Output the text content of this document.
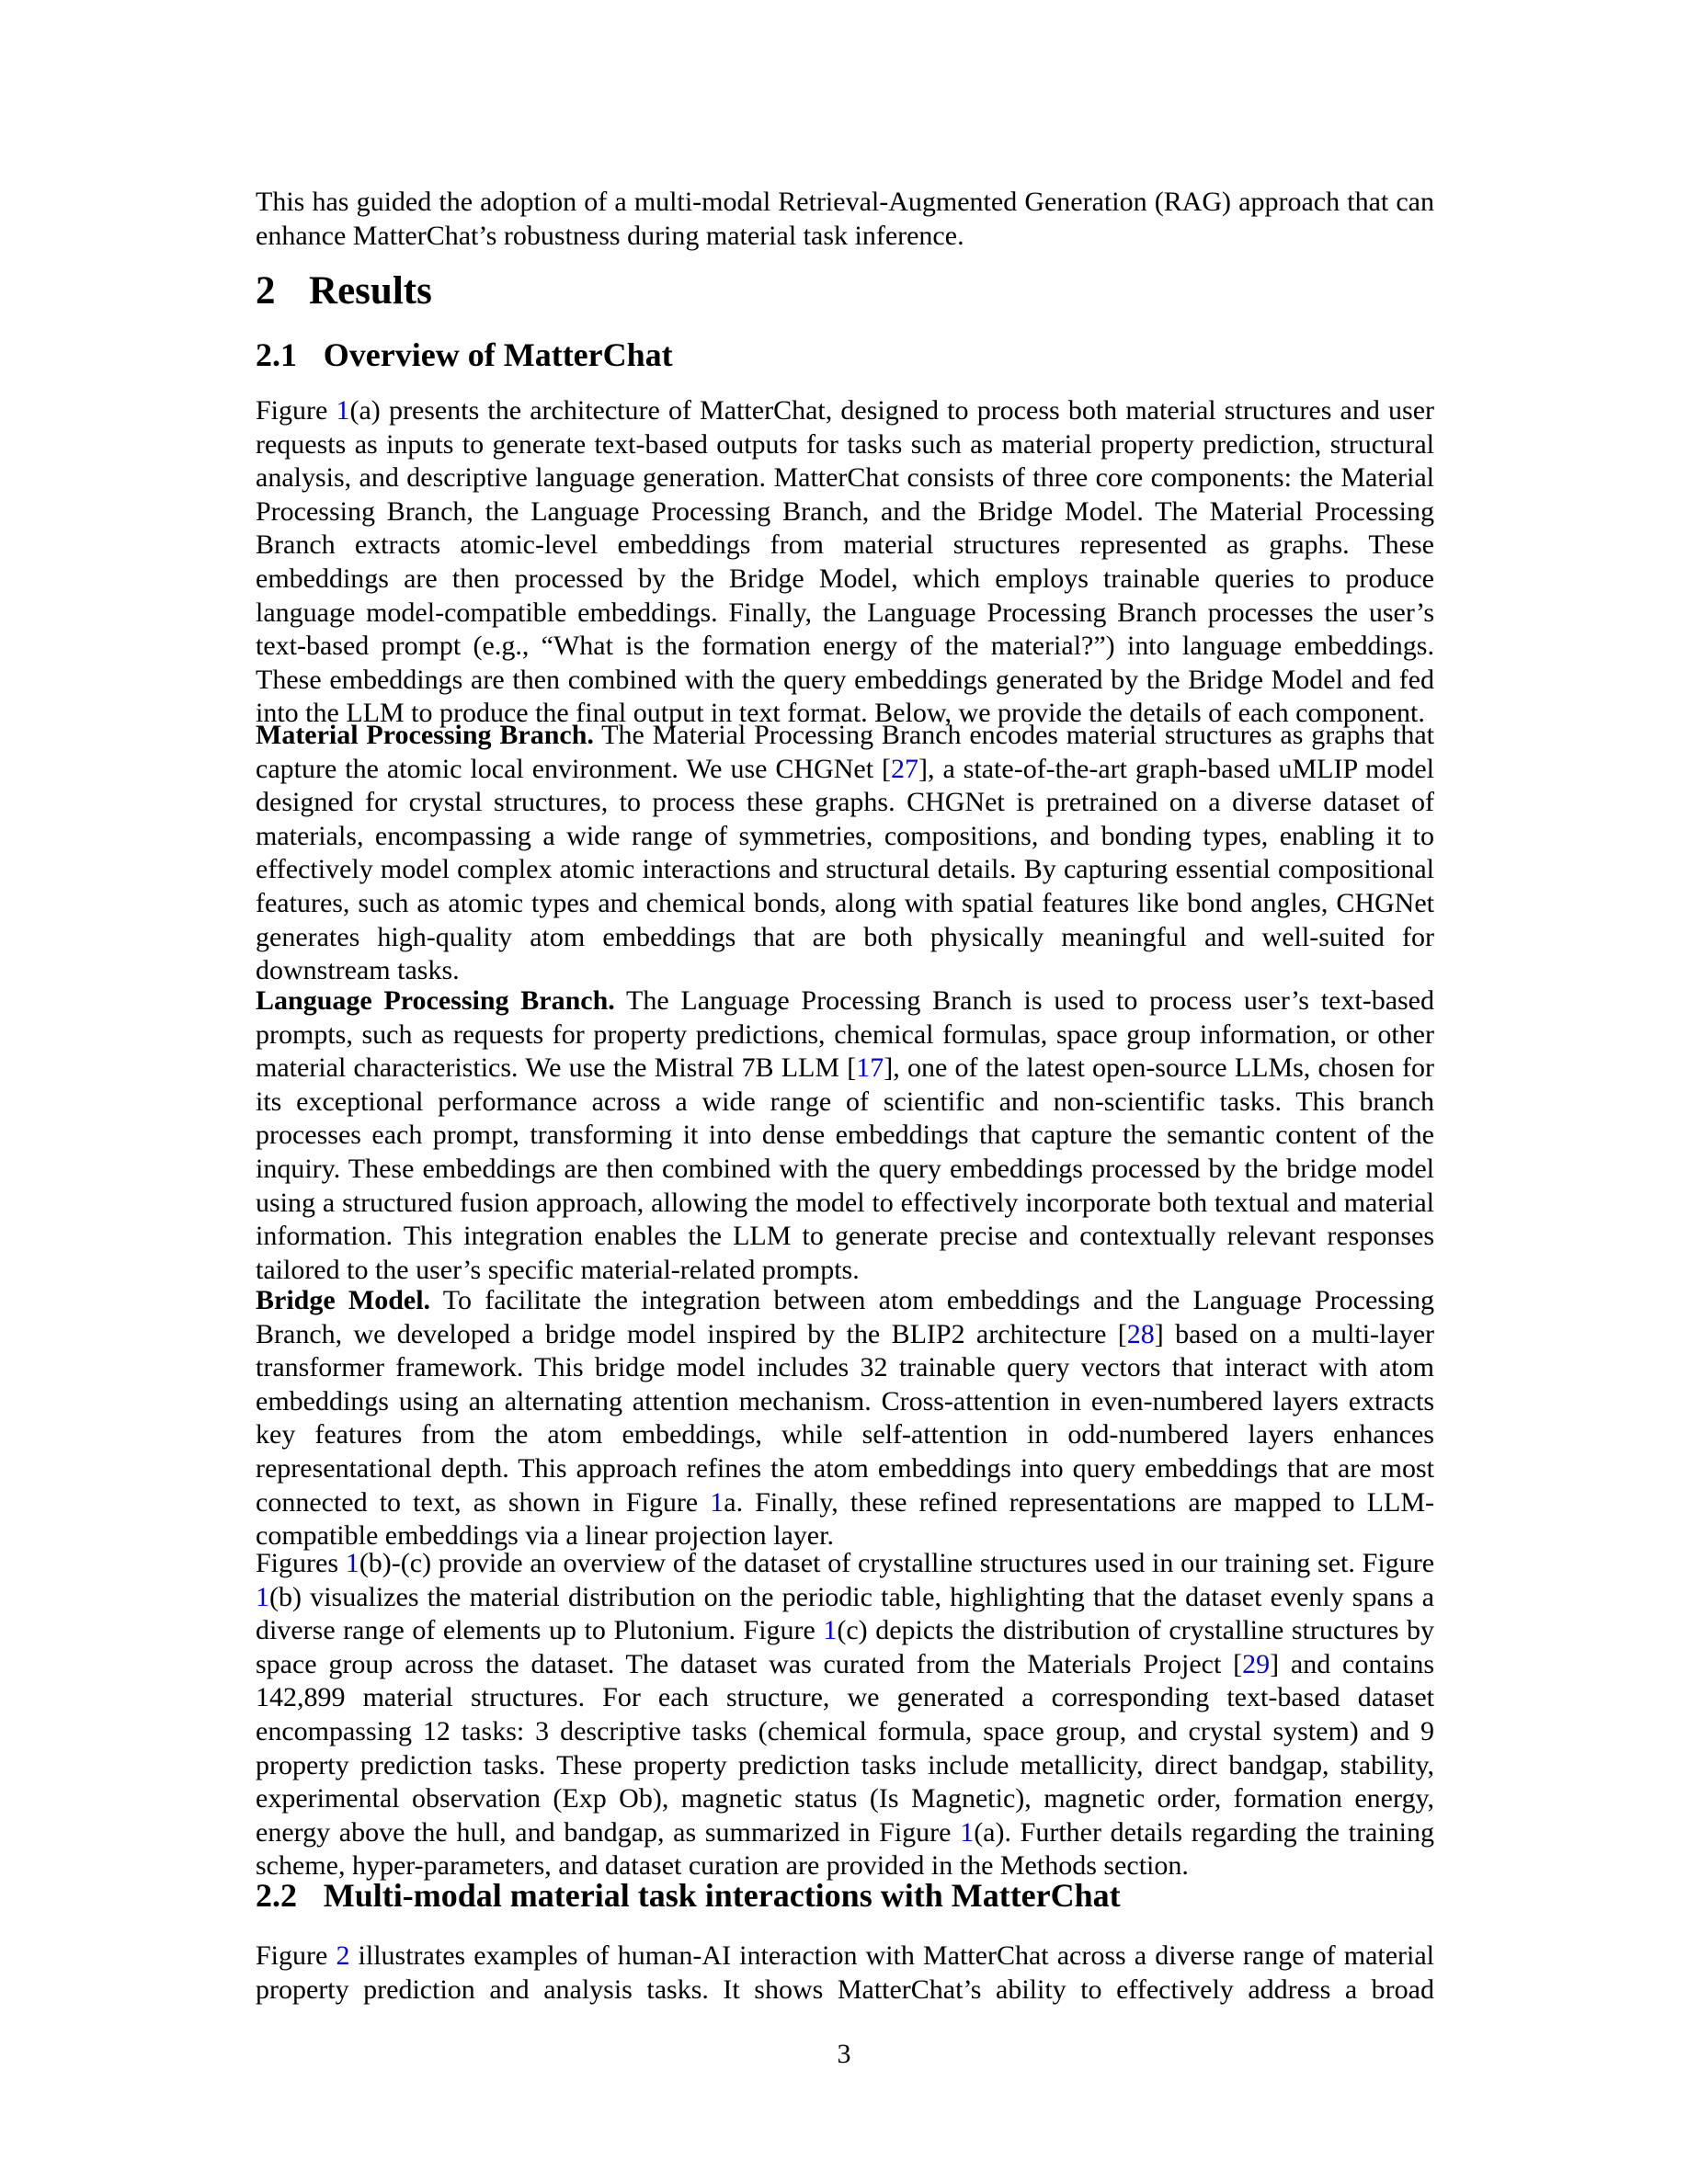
This has guided the adoption of a multi-modal Retrieval-Augmented Generation (RAG) approach that can enhance MatterChat’s robustness during material task inference.

2 Results
2.1 Overview of MatterChat

Figure 1(a) presents the architecture of MatterChat, designed to process both material structures and user requests as inputs to generate text-based outputs for tasks such as material property prediction, structural analysis, and descriptive language generation. MatterChat consists of three core components: the Material Processing Branch, the Language Processing Branch, and the Bridge Model. The Material Processing Branch extracts atomic-level embeddings from material structures represented as graphs. These embeddings are then processed by the Bridge Model, which employs trainable queries to produce language model-compatible embeddings. Finally, the Language Processing Branch processes the user’s text-based prompt (e.g., “What is the formation energy of the material?”) into language embeddings. These embeddings are then combined with the query embeddings generated by the Bridge Model and fed into the LLM to produce the final output in text format. Below, we provide the details of each component.

Material Processing Branch. The Material Processing Branch encodes material structures as graphs that capture the atomic local environment. We use CHGNet [27], a state-of-the-art graph-based uMLIP model designed for crystal structures, to process these graphs. CHGNet is pretrained on a diverse dataset of materials, encompassing a wide range of symmetries, compositions, and bonding types, enabling it to effectively model complex atomic interactions and structural details. By capturing essential compositional features, such as atomic types and chemical bonds, along with spatial features like bond angles, CHGNet generates high-quality atom embeddings that are both physically meaningful and well-suited for downstream tasks.

Language Processing Branch. The Language Processing Branch is used to process user’s text-based prompts, such as requests for property predictions, chemical formulas, space group information, or other material characteristics. We use the Mistral 7B LLM [17], one of the latest open-source LLMs, chosen for its exceptional performance across a wide range of scientific and non-scientific tasks. This branch processes each prompt, transforming it into dense embeddings that capture the semantic content of the inquiry. These embeddings are then combined with the query embeddings processed by the bridge model using a structured fusion approach, allowing the model to effectively incorporate both textual and material information. This integration enables the LLM to generate precise and contextually relevant responses tailored to the user’s specific material-related prompts.

Bridge Model. To facilitate the integration between atom embeddings and the Language Processing Branch, we developed a bridge model inspired by the BLIP2 architecture [28] based on a multi-layer transformer framework. This bridge model includes 32 trainable query vectors that interact with atom embeddings using an alternating attention mechanism. Cross-attention in even-numbered layers extracts key features from the atom embeddings, while self-attention in odd-numbered layers enhances representational depth. This approach refines the atom embeddings into query embeddings that are most connected to text, as shown in Figure 1a. Finally, these refined representations are mapped to LLM-compatible embeddings via a linear projection layer.

Figures 1(b)-(c) provide an overview of the dataset of crystalline structures used in our training set. Figure 1(b) visualizes the material distribution on the periodic table, highlighting that the dataset evenly spans a diverse range of elements up to Plutonium. Figure 1(c) depicts the distribution of crystalline structures by space group across the dataset. The dataset was curated from the Materials Project [29] and contains 142,899 material structures. For each structure, we generated a corresponding text-based dataset encompassing 12 tasks: 3 descriptive tasks (chemical formula, space group, and crystal system) and 9 property prediction tasks. These property prediction tasks include metallicity, direct bandgap, stability, experimental observation (Exp Ob), magnetic status (Is Magnetic), magnetic order, formation energy, energy above the hull, and bandgap, as summarized in Figure 1(a). Further details regarding the training scheme, hyper-parameters, and dataset curation are provided in the Methods section.

2.2 Multi-modal material task interactions with MatterChat

Figure 2 illustrates examples of human-AI interaction with MatterChat across a diverse range of material property prediction and analysis tasks. It shows MatterChat’s ability to effectively address a broad

3
